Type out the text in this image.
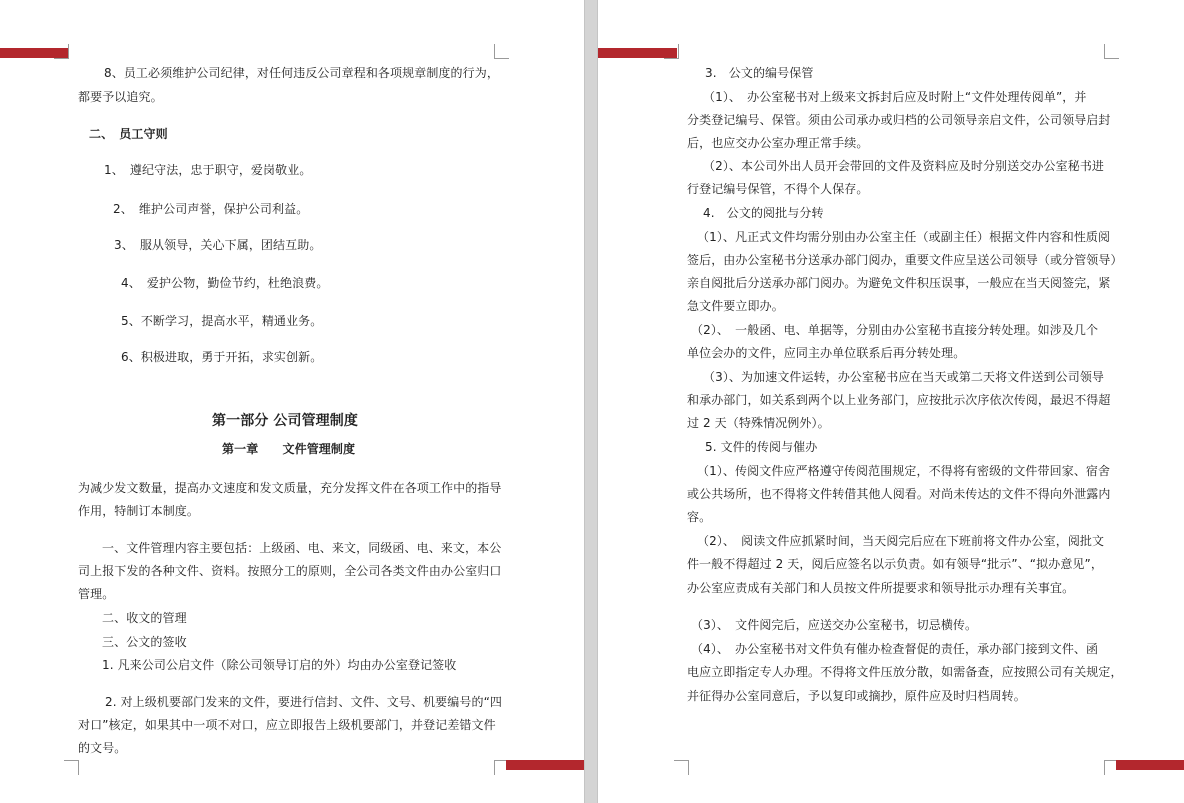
8、员工必须维护公司纪律，对任何违反公司章程和各项规章制度的行为，
都要予以追究。
二、　员工守则
1、　遵纪守法，忠于职守，爱岗敬业。
2、　维护公司声誉，保护公司利益。
3、　服从领导，关心下属，团结互助。
4、　爱护公物，勤俭节约，杜绝浪费。
5、不断学习，提高水平，精通业务。
6、积极进取，勇于开拓，求实创新。
第一部分 公司管理制度
第一章　　文件管理制度
为减少发文数量，提高办文速度和发文质量，充分发挥文件在各项工作中的指导
作用，特制订本制度。
一、文件管理内容主要包括：上级函、电、来文，同级函、电、来文，本公
司上报下发的各种文件、资料。按照分工的原则，全公司各类文件由办公室归口
管理。
二、收文的管理
三、公文的签收
1. 凡来公司公启文件（除公司领导订启的外）均由办公室登记签收
2. 对上级机要部门发来的文件，要进行信封、文件、文号、机要编号的“四
对口”核定，如果其中一项不对口，应立即报告上级机要部门，并登记差错文件
的文号。
3.　公文的编号保管
（1）、　办公室秘书对上级来文拆封后应及时附上“文件处理传阅单”，并
分类登记编号、保管。须由公司承办或归档的公司领导亲启文件，公司领导启封
后，也应交办公室办理正常手续。
（2）、本公司外出人员开会带回的文件及资料应及时分别送交办公室秘书进
行登记编号保管，不得个人保存。
4.　公文的阅批与分转
（1）、凡正式文件均需分别由办公室主任（或副主任）根据文件内容和性质阅
签后，由办公室秘书分送承办部门阅办，重要文件应呈送公司领导（或分管领导）
亲自阅批后分送承办部门阅办。为避免文件积压误事，一般应在当天阅签完，紧
急文件要立即办。
（2）、　一般函、电、单据等，分别由办公室秘书直接分转处理。如涉及几个
单位会办的文件，应同主办单位联系后再分转处理。
（3）、为加速文件运转，办公室秘书应在当天或第二天将文件送到公司领导
和承办部门，如关系到两个以上业务部门，应按批示次序依次传阅，最迟不得超
过 2 天（特殊情况例外）。
5. 文件的传阅与催办
（1）、传阅文件应严格遵守传阅范围规定，不得将有密级的文件带回家、宿舍
或公共场所，也不得将文件转借其他人阅看。对尚未传达的文件不得向外泄露内
容。
（2）、　阅读文件应抓紧时间，当天阅完后应在下班前将文件办公室，阅批文
件一般不得超过 2 天，阅后应签名以示负责。如有领导“批示”、“拟办意见”，
办公室应责成有关部门和人员按文件所提要求和领导批示办理有关事宜。
（3）、　文件阅完后，应送交办公室秘书，切忌横传。
（4）、　办公室秘书对文件负有催办检查督促的责任，承办部门接到文件、函
电应立即指定专人办理。不得将文件压放分散，如需备查，应按照公司有关规定，
并征得办公室同意后，予以复印或摘抄，原件应及时归档周转。
